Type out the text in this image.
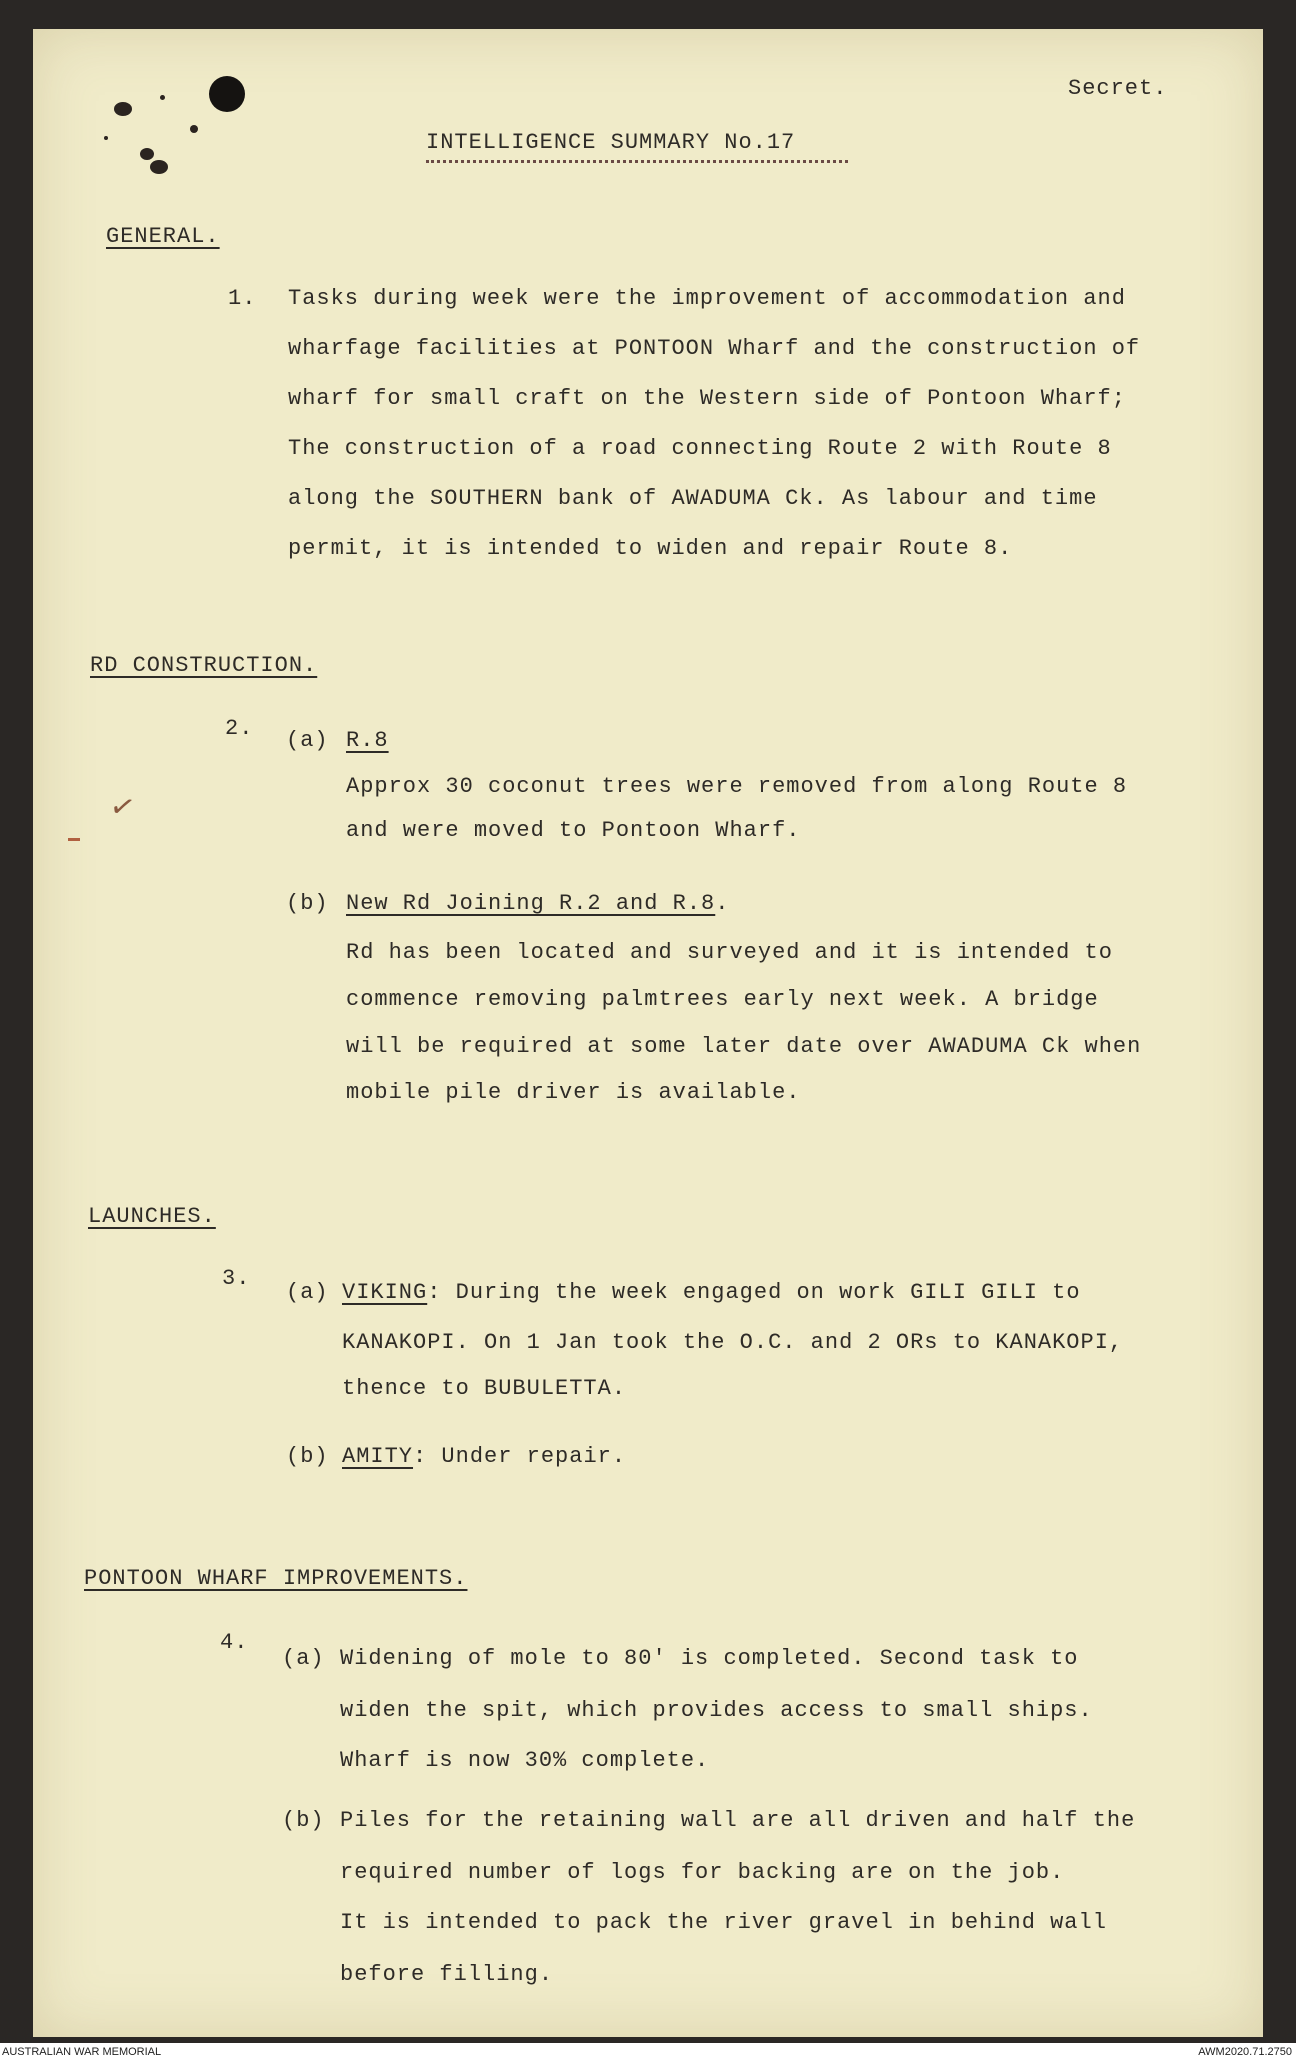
Secret.
INTELLIGENCE SUMMARY No.17
GENERAL.
1. Tasks during week were the improvement of accommodation and
wharfage facilities at PONTOON Wharf and the construction of
wharf for small craft on the Western side of Pontoon Wharf;
The construction of a road connecting Route 2 with Route 8
along the SOUTHERN bank of AWADUMA Ck. As labour and time
permit, it is intended to widen and repair Route 8.
RD CONSTRUCTION.
2. (a) R.8
Approx 30 coconut trees were removed from along Route 8
and were moved to Pontoon Wharf.
✓
(b) New Rd Joining R.2 and R.8.
Rd has been located and surveyed and it is intended to
commence removing palmtrees early next week. A bridge
will be required at some later date over AWADUMA Ck when
mobile pile driver is available.
LAUNCHES.
3.
(a) VIKING: During the week engaged on work GILI GILI to
KANAKOPI. On 1 Jan took the O.C. and 2 ORs to KANAKOPI,
thence to BUBULETTA.
(b) AMITY: Under repair.
PONTOON WHARF IMPROVEMENTS.
4.
(a) Widening of mole to 80' is completed. Second task to
widen the spit, which provides access to small ships.
Wharf is now 30% complete.
(b) Piles for the retaining wall are all driven and half the
required number of logs for backing are on the job.
It is intended to pack the river gravel in behind wall
before filling.
AUSTRALIAN WAR MEMORIAL	AWM2020.71.2750
